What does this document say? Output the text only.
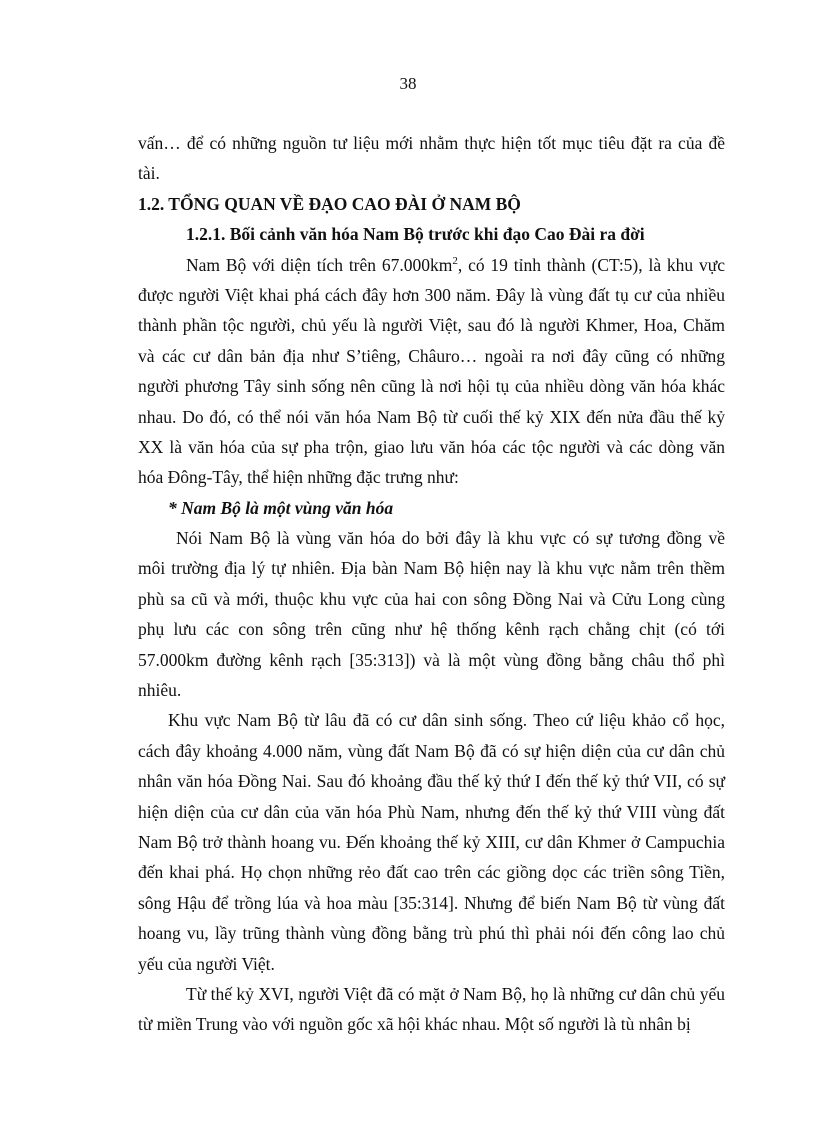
38
vấn… để có những nguồn tư liệu mới nhằm thực hiện tốt mục tiêu đặt ra của đề
tài.
1.2. TỔNG QUAN VỀ ĐẠO CAO ĐÀI Ở NAM BỘ
1.2.1. Bối cảnh văn hóa Nam Bộ trước khi đạo Cao Đài ra đời
Nam Bộ với diện tích trên $67.000km^2$, có 19 tỉnh thành (CT:5), là khu vực
được người Việt khai phá cách đây hơn 300 năm. Đây là vùng đất tụ cư của nhiều
thành phần tộc người, chủ yếu là người Việt, sau đó là người Khmer, Hoa, Chăm
và các cư dân bản địa như S’tiêng, Châuro… ngoài ra nơi đây cũng có những
người phương Tây sinh sống nên cũng là nơi hội tụ của nhiều dòng văn hóa khác
nhau. Do đó, có thể nói văn hóa Nam Bộ từ cuối thế kỷ XIX đến nửa đầu thế kỷ
XX là văn hóa của sự pha trộn, giao lưu văn hóa các tộc người và các dòng văn
hóa Đông-Tây, thể hiện những đặc trưng như:
* Nam Bộ là một vùng văn hóa
Nói Nam Bộ là vùng văn hóa do bởi đây là khu vực có sự tương đồng về
môi trường địa lý tự nhiên. Địa bàn Nam Bộ hiện nay là khu vực nằm trên thềm
phù sa cũ và mới, thuộc khu vực của hai con sông Đồng Nai và Cửu Long cùng
phụ lưu các con sông trên cũng như hệ thống kênh rạch chằng chịt (có tới
57.000km đường kênh rạch [35:313]) và là một vùng đồng bằng châu thổ phì
nhiêu.
Khu vực Nam Bộ từ lâu đã có cư dân sinh sống. Theo cứ liệu khảo cổ học,
cách đây khoảng 4.000 năm, vùng đất Nam Bộ đã có sự hiện diện của cư dân chủ
nhân văn hóa Đồng Nai. Sau đó khoảng đầu thế kỷ thứ I đến thế kỷ thứ VII, có sự
hiện diện của cư dân của văn hóa Phù Nam, nhưng đến thế kỷ thứ VIII vùng đất
Nam Bộ trở thành hoang vu. Đến khoảng thế kỷ XIII, cư dân Khmer ở Campuchia
đến khai phá. Họ chọn những rẻo đất cao trên các giồng dọc các triền sông Tiền,
sông Hậu để trồng lúa và hoa màu [35:314]. Nhưng để biến Nam Bộ từ vùng đất
hoang vu, lầy trũng thành vùng đồng bằng trù phú thì phải nói đến công lao chủ
yếu của người Việt.
Từ thế kỷ XVI, người Việt đã có mặt ở Nam Bộ, họ là những cư dân chủ yếu
từ miền Trung vào với nguồn gốc xã hội khác nhau. Một số người là tù nhân bị
